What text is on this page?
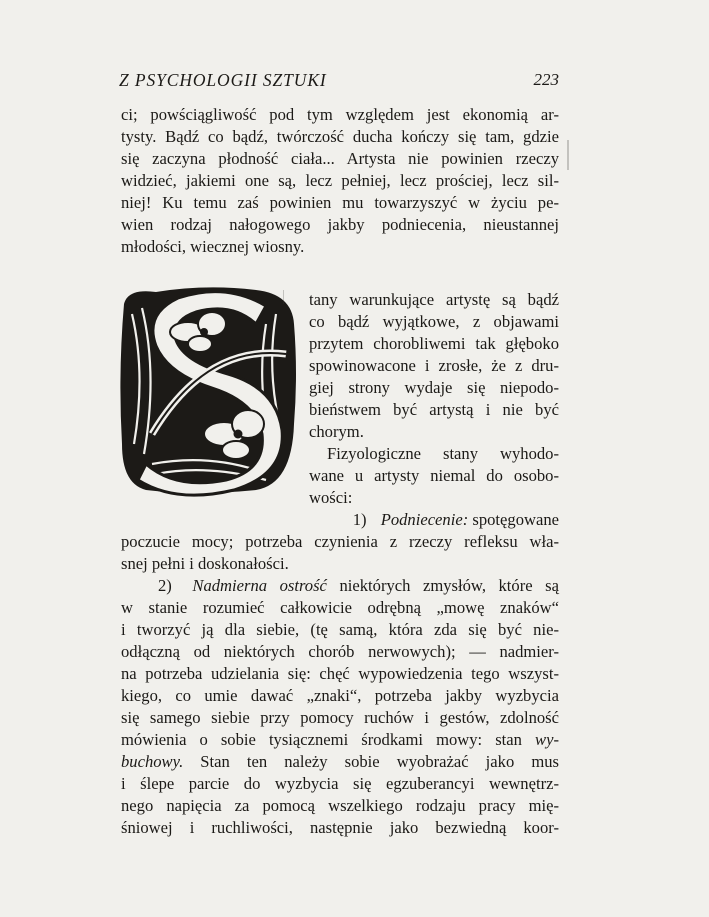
Z PSYCHOLOGII SZTUKI	223
ci; powściągliwość pod tym względem jest ekonomią ar-
tysty. Bądź co bądź, twórczość ducha kończy się tam, gdzie
się zaczyna płodność ciała... Artysta nie powinien rzeczy
widzieć, jakiemi one są, lecz pełniej, lecz prościej, lecz sil-
niej! Ku temu zaś powinien mu towarzyszyć w życiu pe-
wien rodzaj nałogowego jakby podniecenia, nieustannej
młodości, wiecznej wiosny.
tany warunkujące artystę są bądź
co bądź wyjątkowe, z objawami
przytem chorobliwemi tak głęboko
spowinowacone i zrosłe, że z dru-
giej strony wydaje się niepodo-
bieństwem być artystą i nie być
chorym.
Fizyologiczne stany wyhodo-
wane u artysty niemal do osobo-
wości:
1) Podniecenie: spotęgowane
poczucie mocy; potrzeba czynienia z rzeczy refleksu wła-
snej pełni i doskonałości.
2) Nadmierna ostrość niektórych zmysłów, które są
w stanie rozumieć całkowicie odrębną „mowę znaków“
i tworzyć ją dla siebie, (tę samą, która zda się być nie-
odłączną od niektórych chorób nerwowych); — nadmier-
na potrzeba udzielania się: chęć wypowiedzenia tego wszyst-
kiego, co umie dawać „znaki“, potrzeba jakby wyzbycia
się samego siebie przy pomocy ruchów i gestów, zdolność
mówienia o sobie tysiącznemi środkami mowy: stan wy-
buchowy. Stan ten należy sobie wyobrażać jako mus
i ślepe parcie do wyzbycia się egzuberancyi wewnętrz-
nego napięcia za pomocą wszelkiego rodzaju pracy mię-
śniowej i ruchliwości, następnie jako bezwiedną koor-
